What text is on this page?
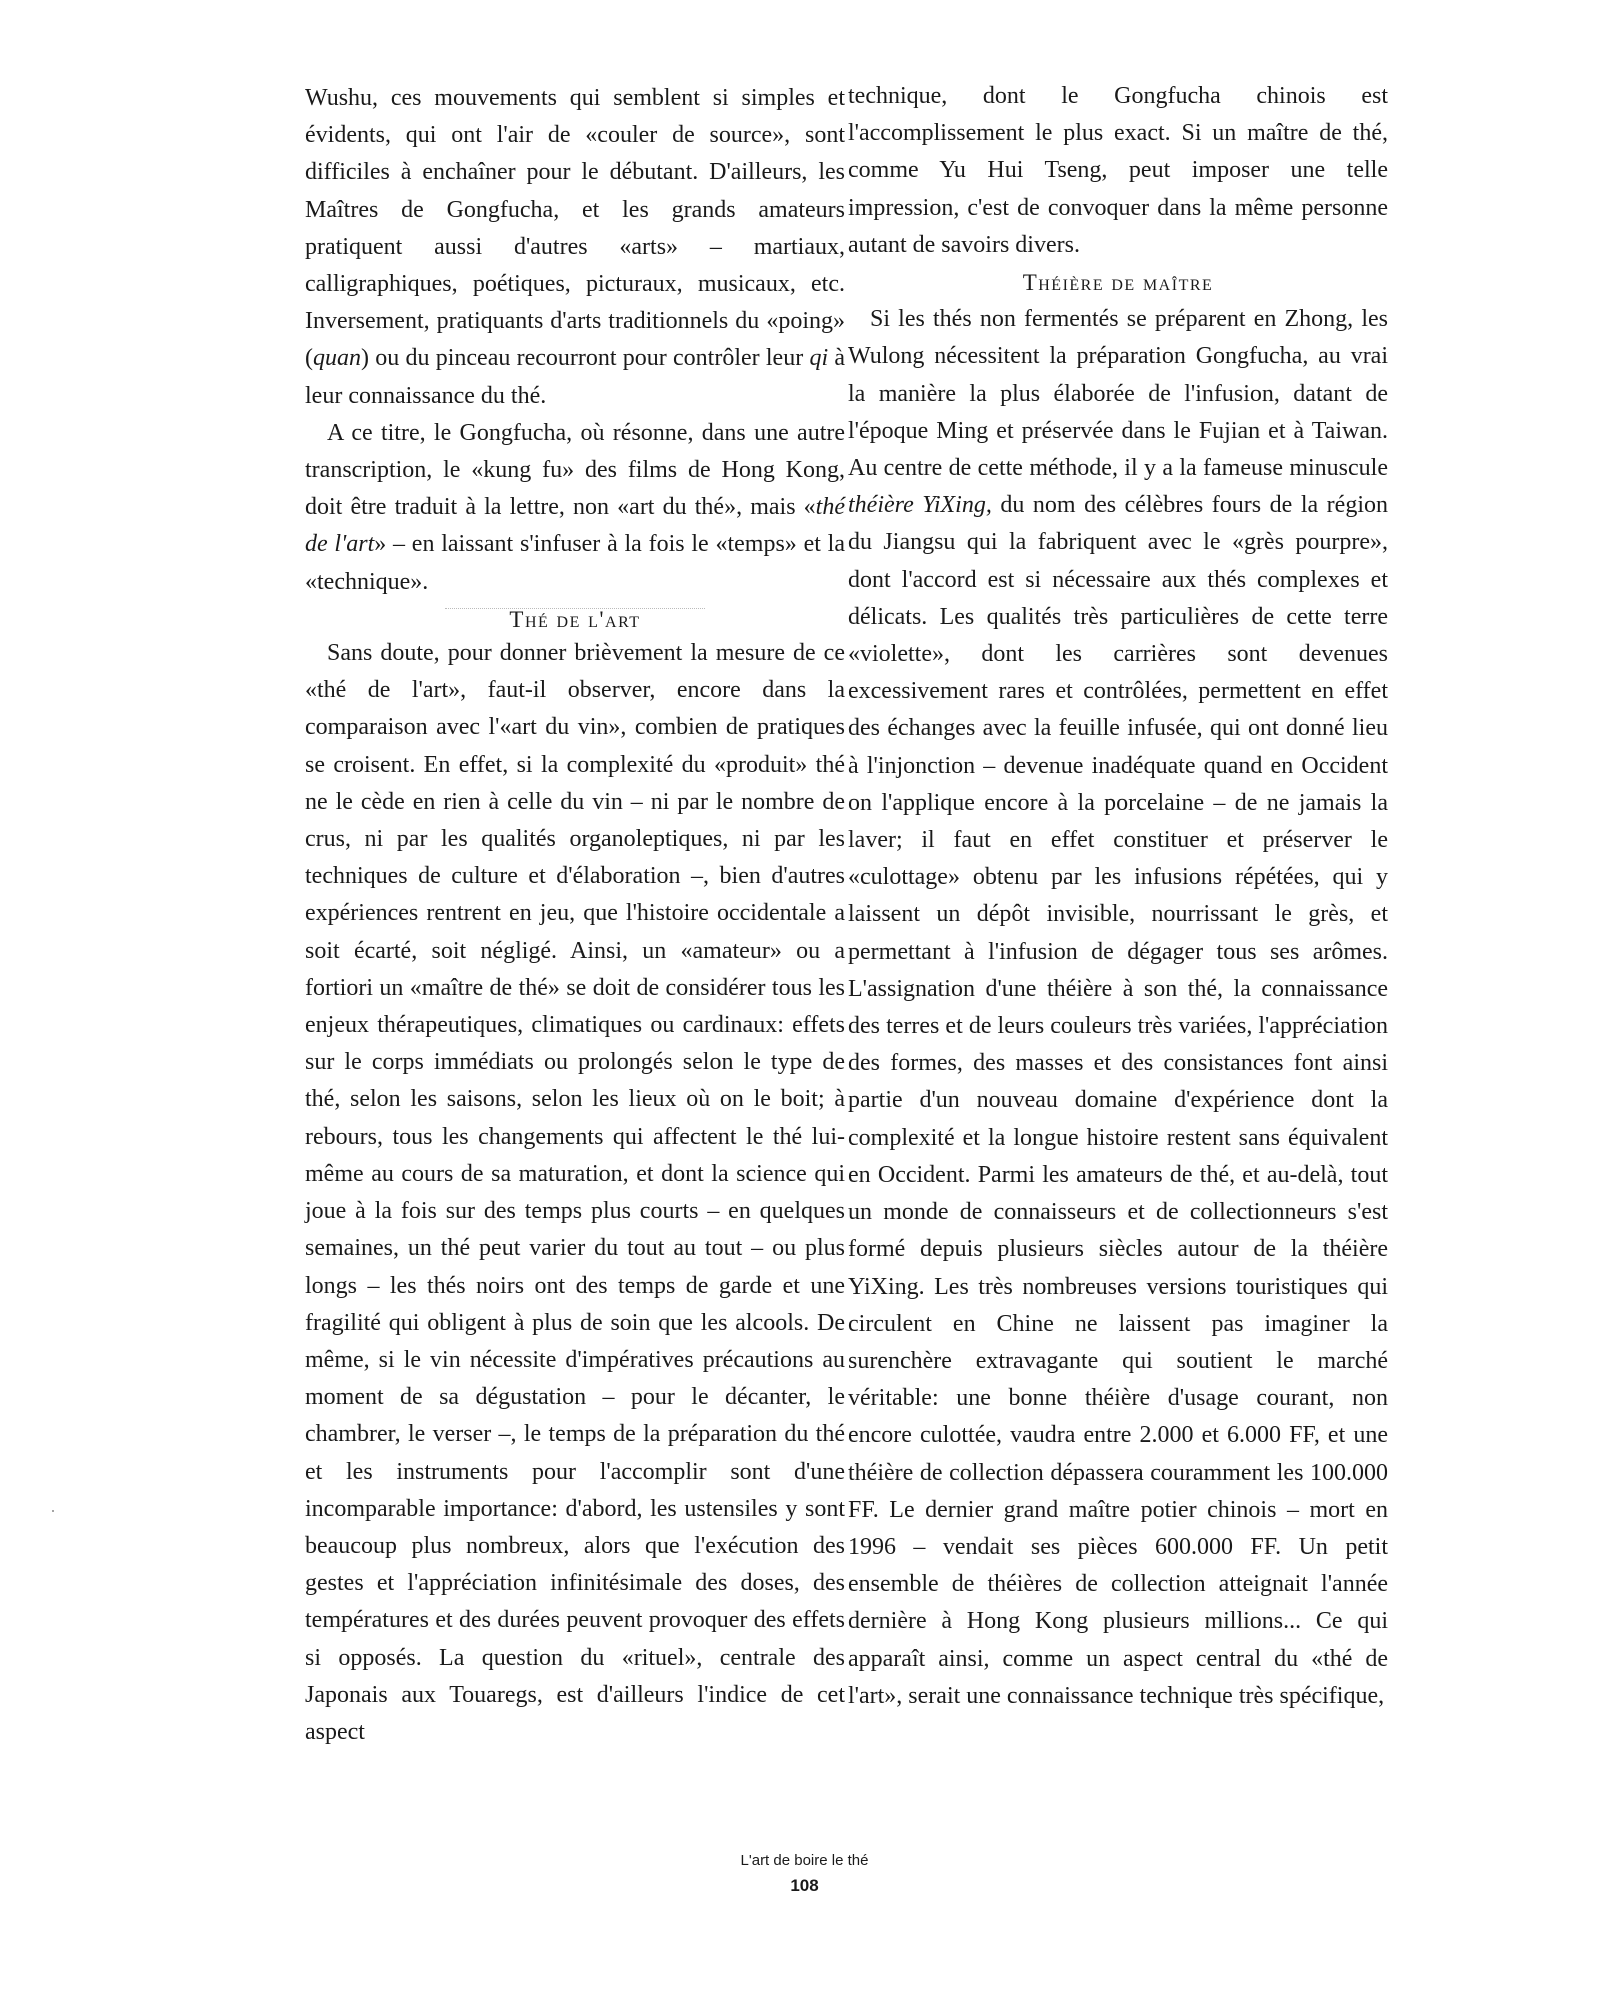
Wushu, ces mouvements qui semblent si simples et évidents, qui ont l'air de «couler de source», sont difficiles à enchaîner pour le débutant. D'ailleurs, les Maîtres de Gongfucha, et les grands amateurs pratiquent aussi d'autres «arts» – martiaux, calligraphiques, poétiques, picturaux, musicaux, etc. Inversement, pratiquants d'arts traditionnels du «poing» (quan) ou du pinceau recourront pour contrôler leur qi à leur connaissance du thé.

A ce titre, le Gongfucha, où résonne, dans une autre transcription, le «kung fu» des films de Hong Kong, doit être traduit à la lettre, non «art du thé», mais «thé de l'art» – en laissant s'infuser à la fois le «temps» et la «technique».

Thé de l'art

Sans doute, pour donner brièvement la mesure de ce «thé de l'art», faut-il observer, encore dans la comparaison avec l'«art du vin», combien de pratiques se croisent. En effet, si la complexité du «produit» thé ne le cède en rien à celle du vin – ni par le nombre de crus, ni par les qualités organoleptiques, ni par les techniques de culture et d'élaboration –, bien d'autres expériences rentrent en jeu, que l'histoire occidentale a soit écarté, soit négligé. Ainsi, un «amateur» ou a fortiori un «maître de thé» se doit de considérer tous les enjeux thérapeutiques, climatiques ou cardinaux: effets sur le corps immédiats ou prolongés selon le type de thé, selon les saisons, selon les lieux où on le boit; à rebours, tous les changements qui affectent le thé lui-même au cours de sa maturation, et dont la science qui joue à la fois sur des temps plus courts – en quelques semaines, un thé peut varier du tout au tout – ou plus longs – les thés noirs ont des temps de garde et une fragilité qui obligent à plus de soin que les alcools. De même, si le vin nécessite d'impératives précautions au moment de sa dégustation – pour le décanter, le chambrer, le verser –, le temps de la préparation du thé et les instruments pour l'accomplir sont d'une incomparable importance: d'abord, les ustensiles y sont beaucoup plus nombreux, alors que l'exécution des gestes et l'appréciation infinitésimale des doses, des températures et des durées peuvent provoquer des effets si opposés. La question du «rituel», centrale des Japonais aux Touaregs, est d'ailleurs l'indice de cet aspect

technique, dont le Gongfucha chinois est l'accomplissement le plus exact. Si un maître de thé, comme Yu Hui Tseng, peut imposer une telle impression, c'est de convoquer dans la même personne autant de savoirs divers.

Théière de maître

Si les thés non fermentés se préparent en Zhong, les Wulong nécessitent la préparation Gongfucha, au vrai la manière la plus élaborée de l'infusion, datant de l'époque Ming et préservée dans le Fujian et à Taiwan. Au centre de cette méthode, il y a la fameuse minuscule théière YiXing, du nom des célèbres fours de la région du Jiangsu qui la fabriquent avec le «grès pourpre», dont l'accord est si nécessaire aux thés complexes et délicats. Les qualités très particulières de cette terre «violette», dont les carrières sont devenues excessivement rares et contrôlées, permettent en effet des échanges avec la feuille infusée, qui ont donné lieu à l'injonction – devenue inadéquate quand en Occident on l'applique encore à la porcelaine – de ne jamais la laver; il faut en effet constituer et préserver le «culottage» obtenu par les infusions répétées, qui y laissent un dépôt invisible, nourrissant le grès, et permettant à l'infusion de dégager tous ses arômes. L'assignation d'une théière à son thé, la connaissance des terres et de leurs couleurs très variées, l'appréciation des formes, des masses et des consistances font ainsi partie d'un nouveau domaine d'expérience dont la complexité et la longue histoire restent sans équivalent en Occident. Parmi les amateurs de thé, et au-delà, tout un monde de connaisseurs et de collectionneurs s'est formé depuis plusieurs siècles autour de la théière YiXing. Les très nombreuses versions touristiques qui circulent en Chine ne laissent pas imaginer la surenchère extravagante qui soutient le marché véritable: une bonne théière d'usage courant, non encore culottée, vaudra entre 2.000 et 6.000 FF, et une théière de collection dépassera couramment les 100.000 FF. Le dernier grand maître potier chinois – mort en 1996 – vendait ses pièces 600.000 FF. Un petit ensemble de théières de collection atteignait l'année dernière à Hong Kong plusieurs millions... Ce qui apparaît ainsi, comme un aspect central du «thé de l'art», serait une connaissance technique très spécifique,

L'art de boire le thé
108
